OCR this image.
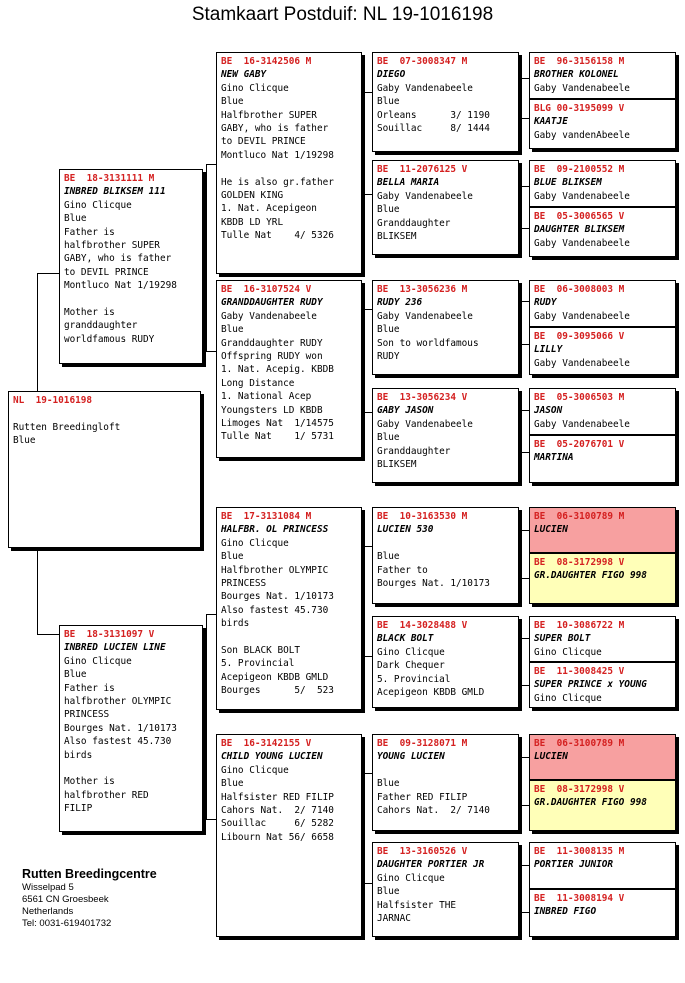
Stamkaart Postduif: NL 19-1016198
NL  19-1016198

Rutten Breedingloft
Blue
BE  18-3131111 M
INBRED BLIKSEM 111
Gino Clicque
Blue
Father is
halfbrother SUPER
GABY, who is father
to DEVIL PRINCE
Montluco Nat 1/19298

Mother is
granddaughter
worldfamous RUDY
BE  18-3131097 V
INBRED LUCIEN LINE
Gino Clicque
Blue
Father is
halfbrother OLYMPIC
PRINCESS
Bourges Nat. 1/10173
Also fastest 45.730
birds

Mother is
halfbrother RED
FILIP
BE  16-3142506 M
NEW GABY
Gino Clicque
Blue
Halfbrother SUPER
GABY, who is father
to DEVIL PRINCE
Montluco Nat 1/19298

He is also gr.father
GOLDEN KING
1. Nat. Acepigeon
KBDB LD YRL
Tulle Nat    4/ 5326
BE  16-3107524 V
GRANDDAUGHTER RUDY
Gaby Vandenabeele
Blue
Granddaughter RUDY
Offspring RUDY won
1. Nat. Acepig. KBDB
Long Distance
1. National Acep
Youngsters LD KBDB
Limoges Nat  1/14575
Tulle Nat    1/ 5731
BE  17-3131084 M
HALFBR. OL PRINCESS
Gino Clicque
Blue
Halfbrother OLYMPIC
PRINCESS
Bourges Nat. 1/10173
Also fastest 45.730
birds

Son BLACK BOLT
5. Provincial
Acepigeon KBDB GMLD
Bourges      5/  523
BE  16-3142155 V
CHILD YOUNG LUCIEN
Gino Clicque
Blue
Halfsister RED FILIP
Cahors Nat.  2/ 7140
Souillac     6/ 5282
Libourn Nat 56/ 6658
BE  07-3008347 M
DIEGO
Gaby Vandenabeele
Blue
Orleans      3/ 1190
Souillac     8/ 1444
BE  11-2076125 V
BELLA MARIA
Gaby Vandenabeele
Blue
Granddaughter
BLIKSEM
BE  13-3056236 M
RUDY 236
Gaby Vandenabeele
Blue
Son to worldfamous
RUDY
BE  13-3056234 V
GABY JASON
Gaby Vandenabeele
Blue
Granddaughter
BLIKSEM
BE  10-3163530 M
LUCIEN 530

Blue
Father to
Bourges Nat. 1/10173
BE  14-3028488 V
BLACK BOLT
Gino Clicque
Dark Chequer
5. Provincial
Acepigeon KBDB GMLD
BE  09-3128071 M
YOUNG LUCIEN

Blue
Father RED FILIP
Cahors Nat.  2/ 7140
BE  13-3160526 V
DAUGHTER PORTIER JR
Gino Clicque
Blue
Halfsister THE
JARNAC
BE  96-3156158 M
BROTHER KOLONEL
Gaby Vandenabeele
BLG 00-3195099 V
KAATJE
Gaby vandenAbeele
BE  09-2100552 M
BLUE BLIKSEM
Gaby Vandenabeele
BE  05-3006565 V
DAUGHTER BLIKSEM
Gaby Vandenabeele
BE  06-3008003 M
RUDY
Gaby Vandenabeele
BE  09-3095066 V
LILLY
Gaby Vandenabeele
BE  05-3006503 M
JASON
Gaby Vandenabeele
BE  05-2076701 V
MARTINA
BE  06-3100789 M
LUCIEN
BE  08-3172998 V
GR.DAUGHTER FIGO 998
BE  10-3086722 M
SUPER BOLT
Gino Clicque
BE  11-3008425 V
SUPER PRINCE x YOUNG
Gino Clicque
BE  06-3100789 M
LUCIEN
BE  08-3172998 V
GR.DAUGHTER FIGO 998
BE  11-3008135 M
PORTIER JUNIOR
BE  11-3008194 V
INBRED FIGO
Rutten Breedingcentre
Wisselpad 5
6561 CN Groesbeek
Netherlands
Tel: 0031-619401732
